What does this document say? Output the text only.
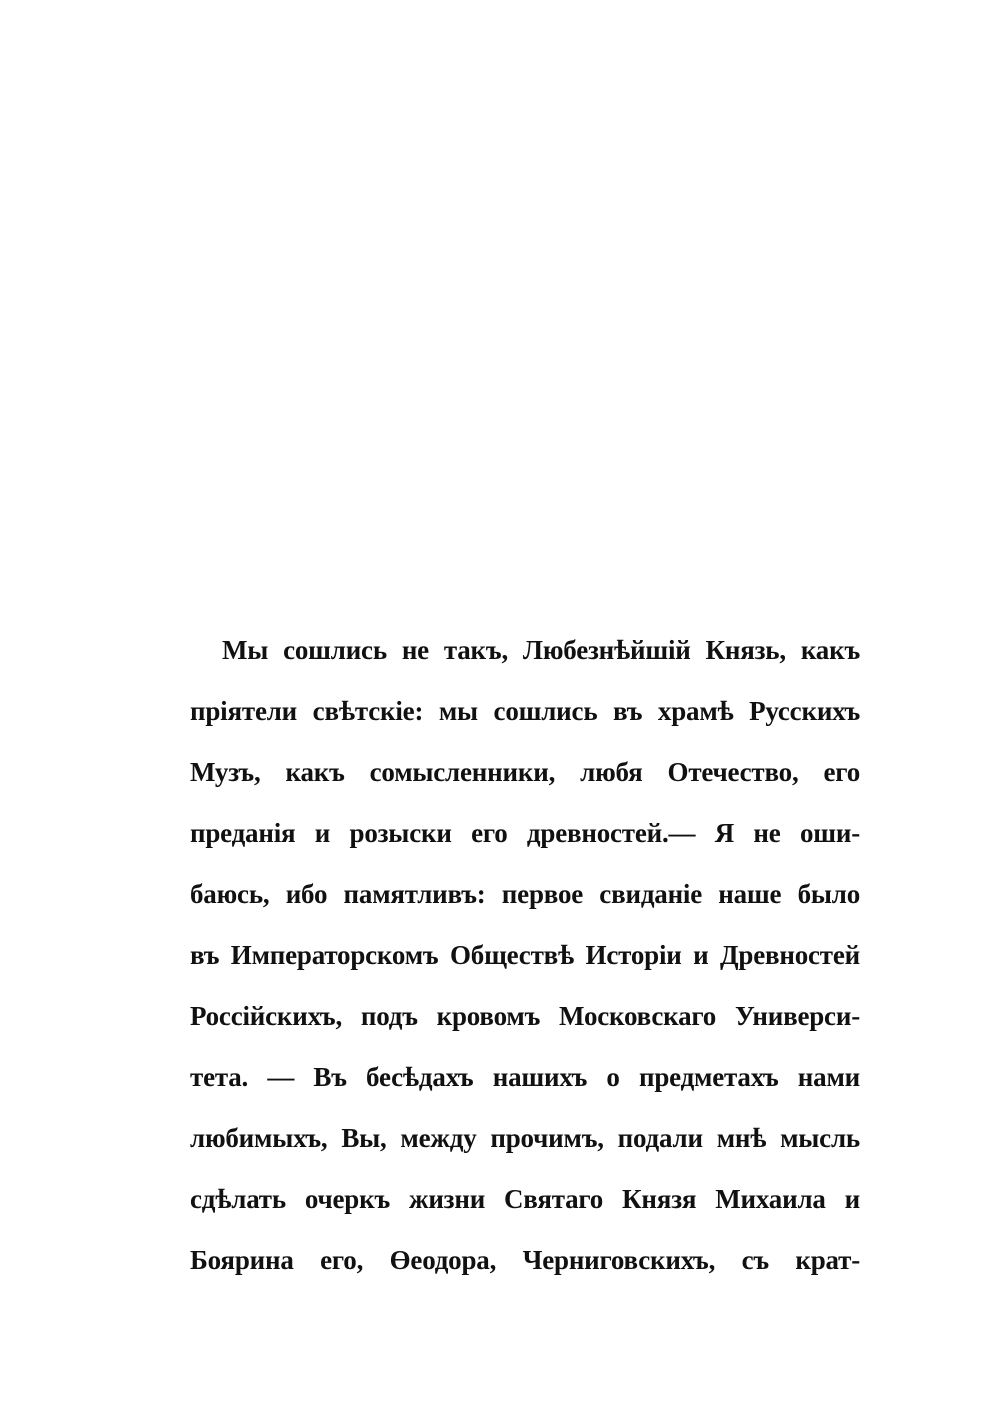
Мы сошлись не такъ, Любезнѣйшій Князь, какъ
пріятели свѣтскіе: мы сошлись въ храмѣ Русскихъ
Музъ, какъ сомысленники, любя Отечество, его
преданія и розыски его древностей.— Я не оши-
баюсь, ибо памятливъ: первое свиданіе наше было
въ Императорскомъ Обществѣ Исторіи и Древностей
Россійскихъ, подъ кровомъ Московскаго Универси-
тета. — Въ бесѣдахъ нашихъ о предметахъ нами
любимыхъ, Вы, между прочимъ, подали мнѣ мысль
сдѣлать очеркъ жизни Святаго Князя Михаила и
Боярина его, Өеодора, Черниговскихъ, съ крат-
